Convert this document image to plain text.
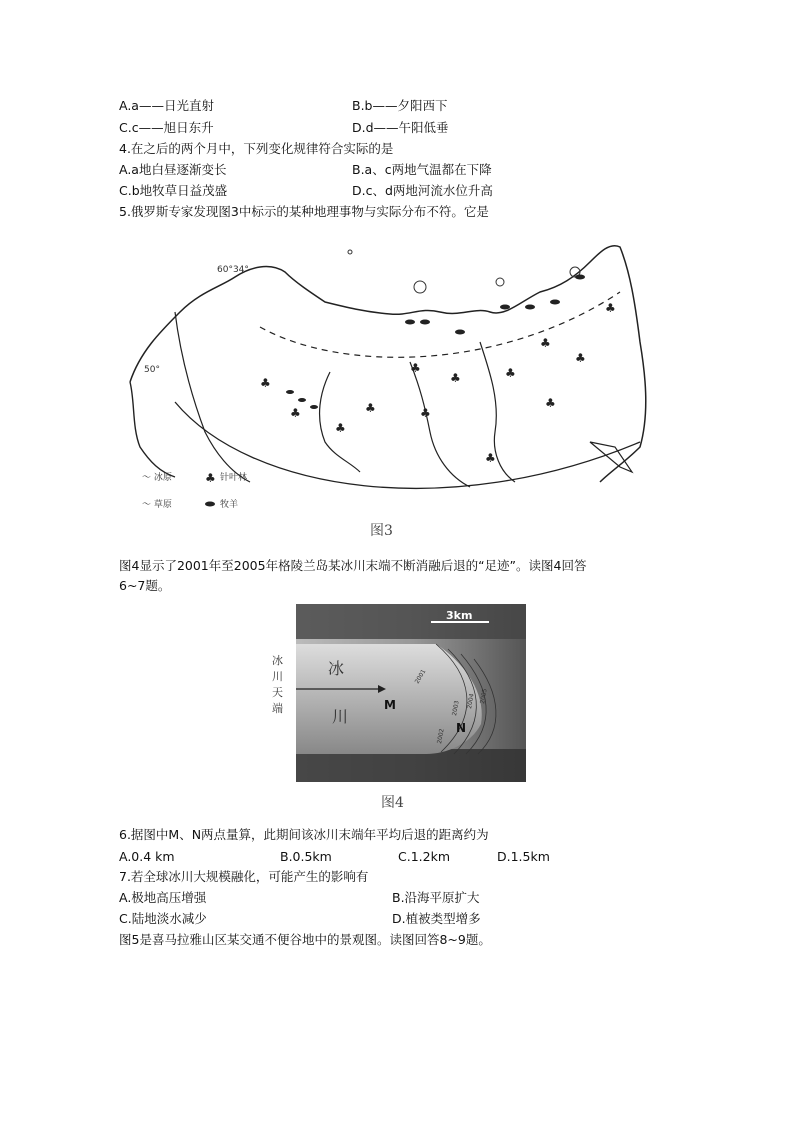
A.a——日光直射	B.b——夕阳西下
C.c——旭日东升	D.d——午阳低垂
4.在之后的两个月中，下列变化规律符合实际的是
A.a地白昼逐渐变长	B.a、c两地气温都在下降
C.b地牧草日益茂盛	D.c、d两地河流水位升高
5.俄罗斯专家发现图3中标示的某种地理事物与实际分布不符。它是
60°34°
50°
♣
♣
♣
♣
♣	♣
♣
♣
♣
♣	♣
♣
♣
～ 冰原	♣ 针叶林
～ 草原	牧羊
图3
图4显示了2001年至2005年格陵兰岛某冰川末端不断消融后退的“足迹”。读图4回答
6~7题。
冰
川
M
N
3km
2001
2002
2003 2004 2005
冰
川
天
端
图4
6.据图中M、N两点量算，此期间该冰川末端年平均后退的距离约为
A.0.4 km	B.0.5km	C.1.2km	D.1.5km
7.若全球冰川大规模融化，可能产生的影响有
A.极地高压增强	B.沿海平原扩大
C.陆地淡水减少	D.植被类型增多
图5是喜马拉雅山区某交通不便谷地中的景观图。读图回答8~9题。
